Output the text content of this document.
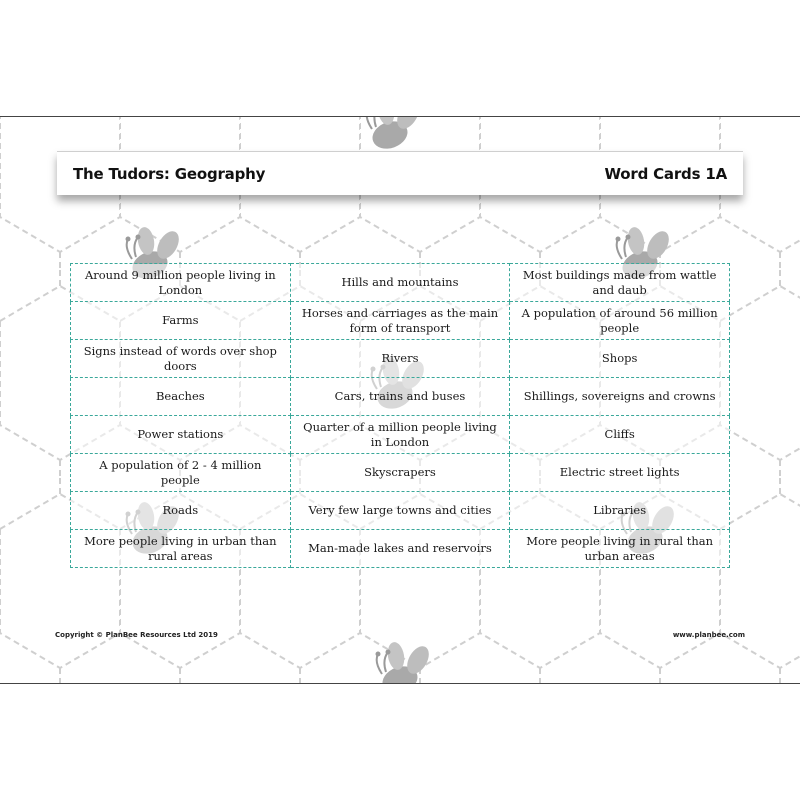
The Tudors: Geography	Word Cards 1A
Around 9 million people living in London	Hills and mountains	Most buildings made from wattle and daub
Farms	Horses and carriages as the main form of transport	A population of around 56 million people
Signs instead of words over shop doors	Rivers	Shops
Beaches	Cars, trains and buses	Shillings, sovereigns and crowns
Power stations	Quarter of a million people living in London	Cliffs
A population of 2 - 4 million people	Skyscrapers	Electric street lights
Roads	Very few large towns and cities	Libraries
More people living in urban than rural areas	Man-made lakes and reservoirs	More people living in rural than urban areas
Copyright © PlanBee Resources Ltd 2019	www.planbee.com
